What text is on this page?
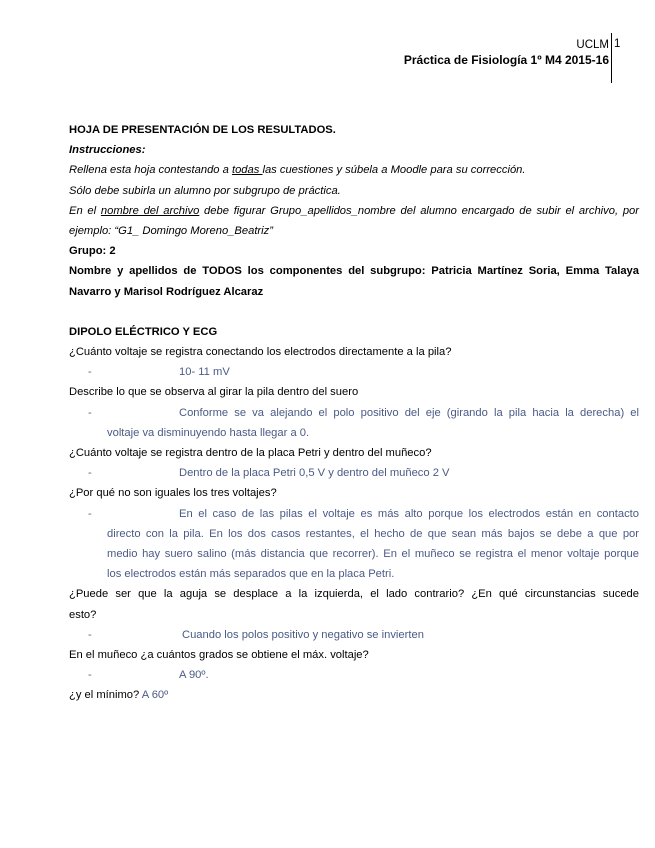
UCLM
Práctica de Fisiología 1º M4 2015-16
1
HOJA DE PRESENTACIÓN DE LOS RESULTADOS.
Instrucciones:
Rellena esta hoja contestando a todas las cuestiones y súbela a Moodle para su corrección.
Sólo debe subirla un alumno por subgrupo de práctica.
En el nombre del archivo debe figurar Grupo_apellidos_nombre del alumno encargado de subir el archivo, por
ejemplo: “G1_ Domingo Moreno_Beatriz”
Grupo: 2
Nombre y apellidos de TODOS los componentes del subgrupo: Patricia Martínez Soria, Emma Talaya
Navarro y Marisol Rodríguez Alcaraz
DIPOLO ELÉCTRICO Y ECG
¿Cuánto voltaje se registra conectando los electrodos directamente a la pila?
-	10- 11 mV
Describe lo que se observa al girar la pila dentro del suero
-	Conforme se va alejando el polo positivo del eje (girando la pila hacia la derecha) el
voltaje va disminuyendo hasta llegar a 0.
¿Cuánto voltaje se registra dentro de la placa Petri y dentro del muñeco?
-	Dentro de la placa Petri 0,5 V y dentro del muñeco 2 V
¿Por qué no son iguales los tres voltajes?
-	En el caso de las pilas el voltaje es más alto porque los electrodos están en contacto
directo con la pila. En los dos casos restantes, el hecho de que sean más bajos se debe a que por
medio hay suero salino (más distancia que recorrer). En el muñeco se registra el menor voltaje porque
los electrodos están más separados que en la placa Petri.
¿Puede ser que la aguja se desplace a la izquierda, el lado contrario? ¿En qué circunstancias sucede
esto?
-	Cuando los polos positivo y negativo se invierten
En el muñeco ¿a cuántos grados se obtiene el máx. voltaje?
-	A 90º.
¿y el mínimo? A 60º
